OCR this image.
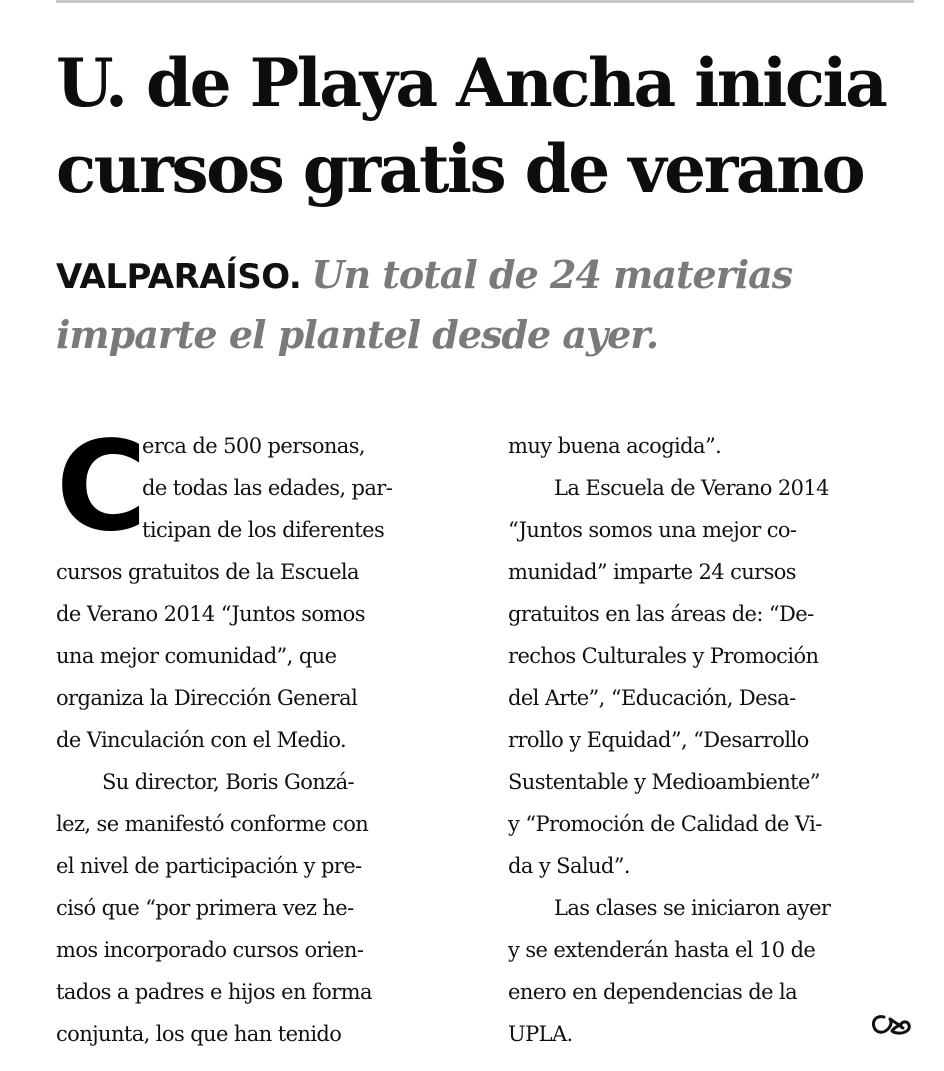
U. de Playa Ancha inicia
cursos gratis de verano
VALPARAÍSO. Un total de 24 materias
imparte el plantel desde ayer.
C
erca de 500 personas,
de todas las edades, par-
ticipan de los diferentes
cursos gratuitos de la Escuela
de Verano 2014 “Juntos somos
una mejor comunidad”, que
organiza la Dirección General
de Vinculación con el Medio.
Su director, Boris Gonzá-
lez, se manifestó conforme con
el nivel de participación y pre-
cisó que “por primera vez he-
mos incorporado cursos orien-
tados a padres e hijos en forma
conjunta, los que han tenido
muy buena acogida”.
La Escuela de Verano 2014
“Juntos somos una mejor co-
munidad” imparte 24 cursos
gratuitos en las áreas de: “De-
rechos Culturales y Promoción
del Arte”, “Educación, Desa-
rrollo y Equidad”, “Desarrollo
Sustentable y Medioambiente”
y “Promoción de Calidad de Vi-
da y Salud”.
Las clases se iniciaron ayer
y se extenderán hasta el 10 de
enero en dependencias de la
UPLA.
